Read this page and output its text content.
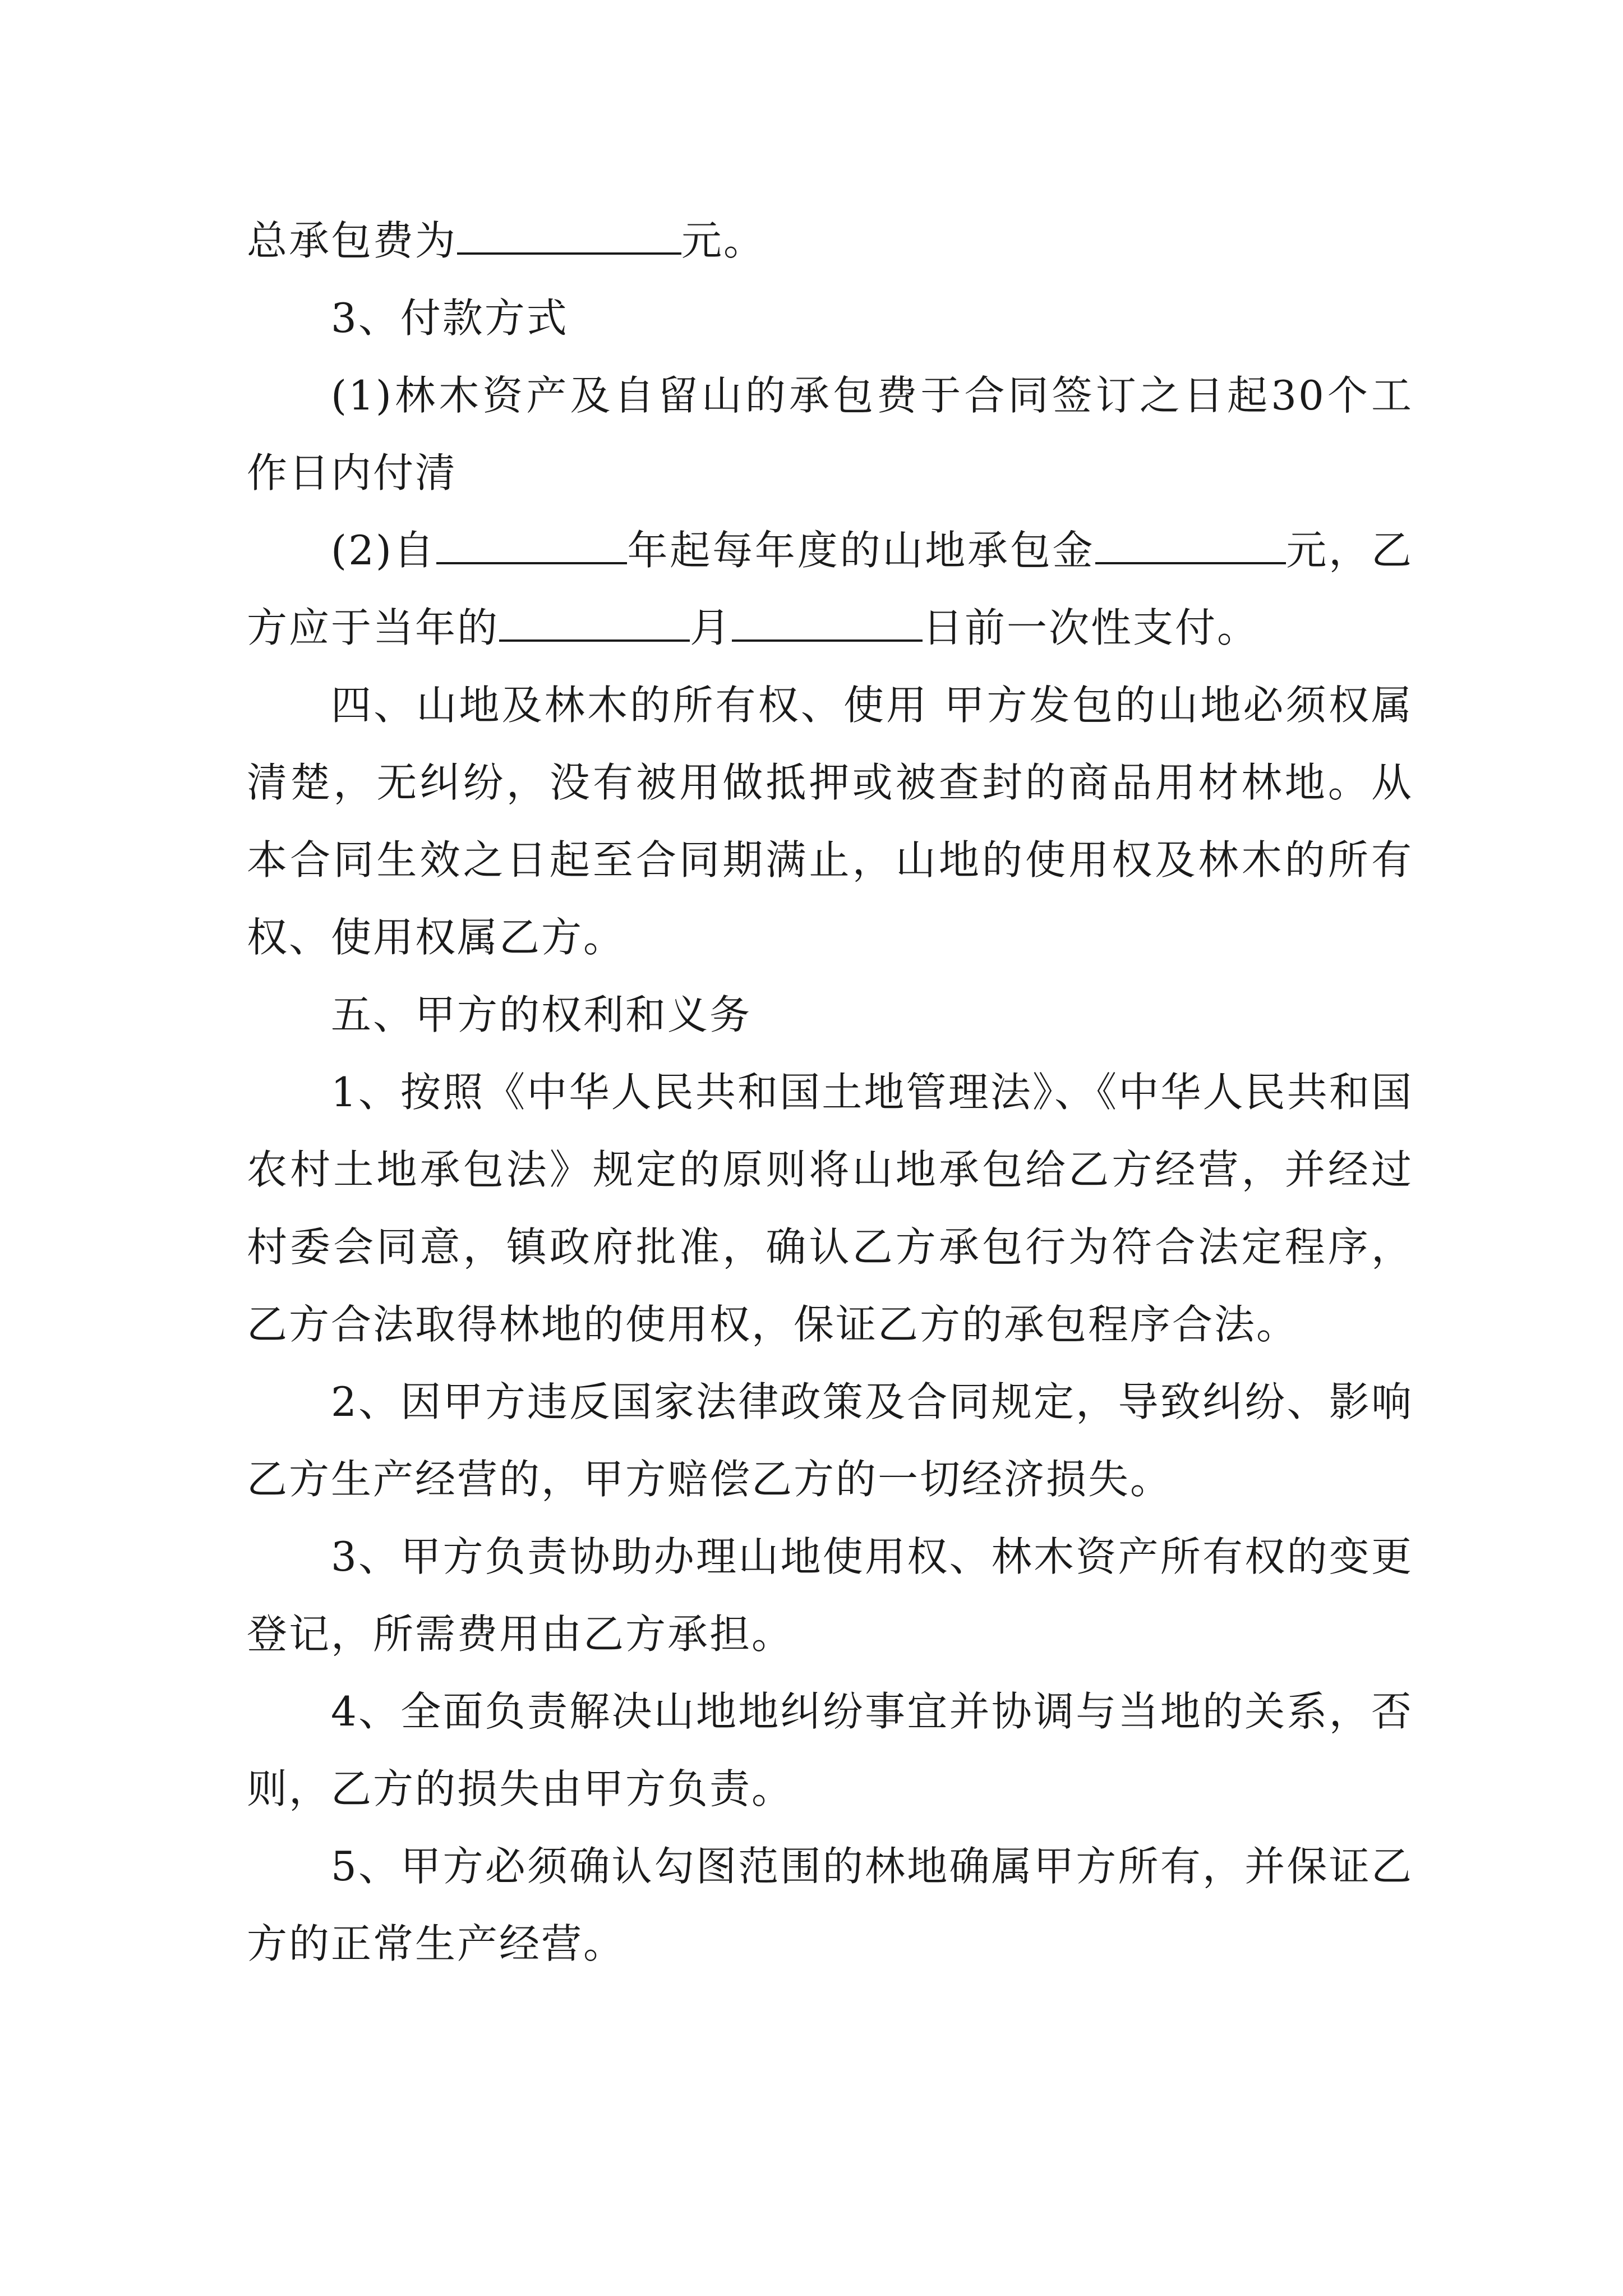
总承包费为	元。

3、付款方式

(1)林木资产及自留山的承包费于合同签订之日起30个工作日内付清

(2)自	年起每年度的山地承包金	元，乙方应于当年的	月	日前一次性支付。

四、山地及林木的所有权、使用 甲方发包的山地必须权属清楚，无纠纷，没有被用做抵押或被查封的商品用材林地。从本合同生效之日起至合同期满止，山地的使用权及林木的所有权、使用权属乙方。

五、甲方的权利和义务

1、按照《中华人民共和国土地管理法》、《中华人民共和国农村土地承包法》规定的原则将山地承包给乙方经营，并经过村委会同意，镇政府批准，确认乙方承包行为符合法定程序，乙方合法取得林地的使用权，保证乙方的承包程序合法。

2、因甲方违反国家法律政策及合同规定，导致纠纷、影响乙方生产经营的，甲方赔偿乙方的一切经济损失。

3、甲方负责协助办理山地使用权、林木资产所有权的变更登记，所需费用由乙方承担。

4、全面负责解决山地地纠纷事宜并协调与当地的关系，否则，乙方的损失由甲方负责。

5、甲方必须确认勾图范围的林地确属甲方所有，并保证乙方的正常生产经营。
